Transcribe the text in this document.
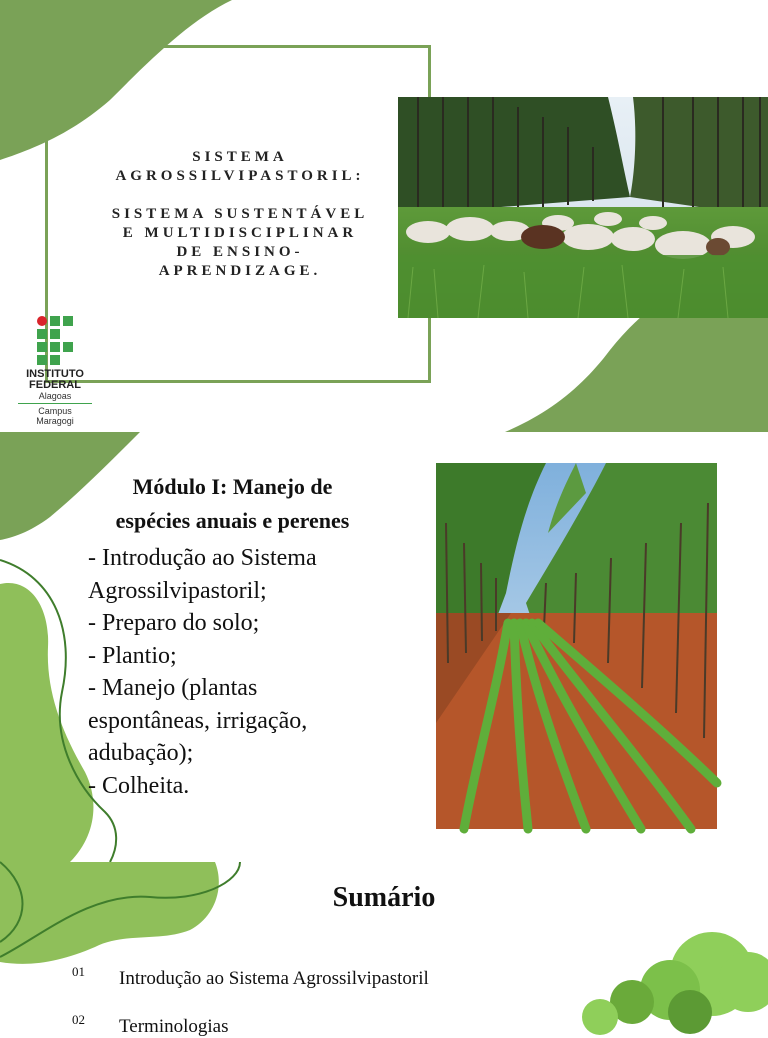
SISTEMA

AGROSSILVIPASTORIL:

SISTEMA SUSTENTÁVEL

E MULTIDISCIPLINAR

DE ENSINO-

APRENDIZAGE.

INSTITUTO
FEDERAL
Alagoas
Campus
Maragogi
Módulo I: Manejo de
espécies anuais e perenes
- Introdução ao Sistema
Agrossilvipastoril;
- Preparo do solo;
- Plantio;
- Manejo (plantas
espontâneas, irrigação,
adubação);
- Colheita.
Sumário
01 Introdução ao Sistema Agrossilvipastoril
02 Terminologias
